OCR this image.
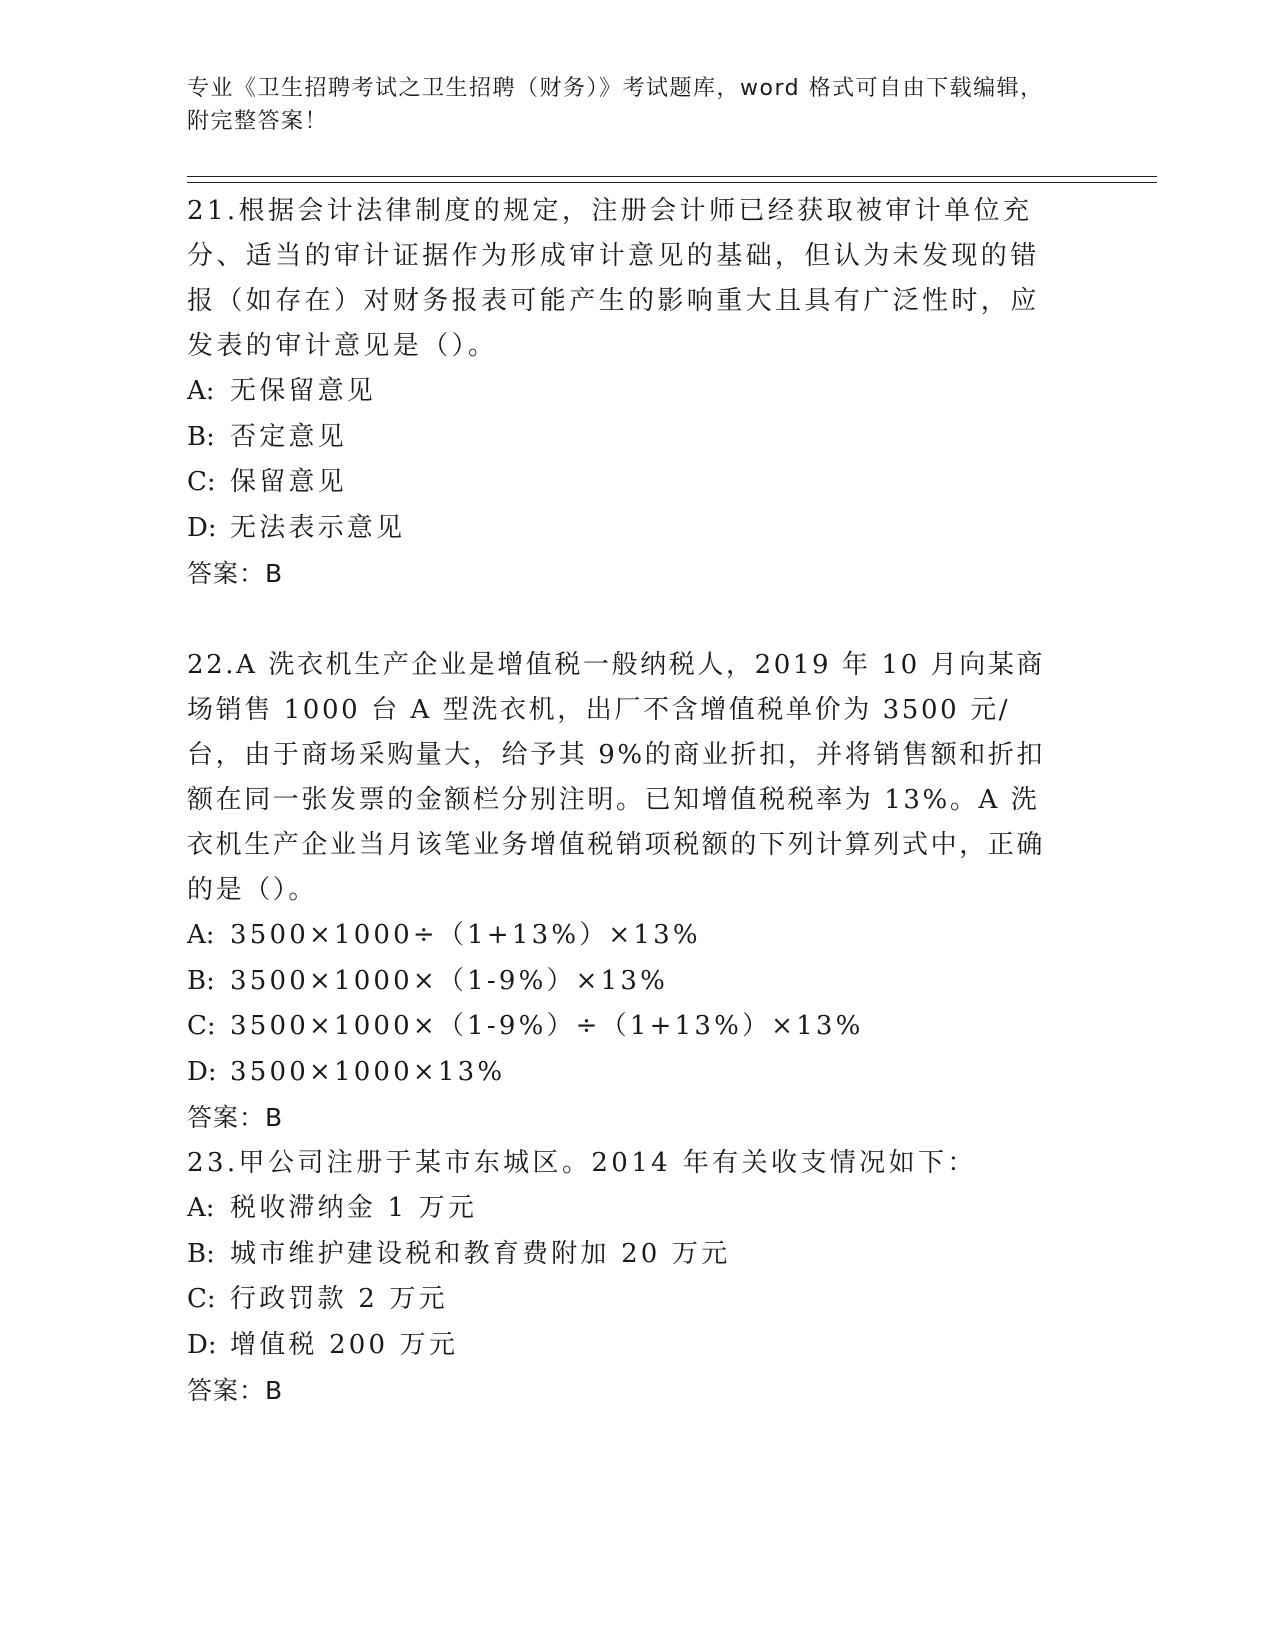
专业《卫生招聘考试之卫生招聘（财务）》考试题库，word 格式可自由下载编辑，附完整答案！

21.根据会计法律制度的规定，注册会计师已经获取被审计单位充分、适当的审计证据作为形成审计意见的基础，但认为未发现的错报（如存在）对财务报表可能产生的影响重大且具有广泛性时，应发表的审计意见是（）。

A: 无保留意见

B: 否定意见

C: 保留意见

D: 无法表示意见

答案：B

22.A 洗衣机生产企业是增值税一般纳税人，2019 年 10 月向某商场销售 1000 台 A 型洗衣机，出厂不含增值税单价为 3500 元/台，由于商场采购量大，给予其 9%的商业折扣，并将销售额和折扣额在同一张发票的金额栏分别注明。已知增值税税率为 13%。A 洗衣机生产企业当月该笔业务增值税销项税额的下列计算列式中，正确的是（）。

A: 3500×1000÷（1+13%）×13%

B: 3500×1000×（1-9%）×13%

C: 3500×1000×（1-9%）÷（1+13%）×13%

D: 3500×1000×13%

答案：B

23.甲公司注册于某市东城区。2014 年有关收支情况如下：

A: 税收滞纳金 1 万元

B: 城市维护建设税和教育费附加 20 万元

C: 行政罚款 2 万元

D: 增值税 200 万元

答案：B
